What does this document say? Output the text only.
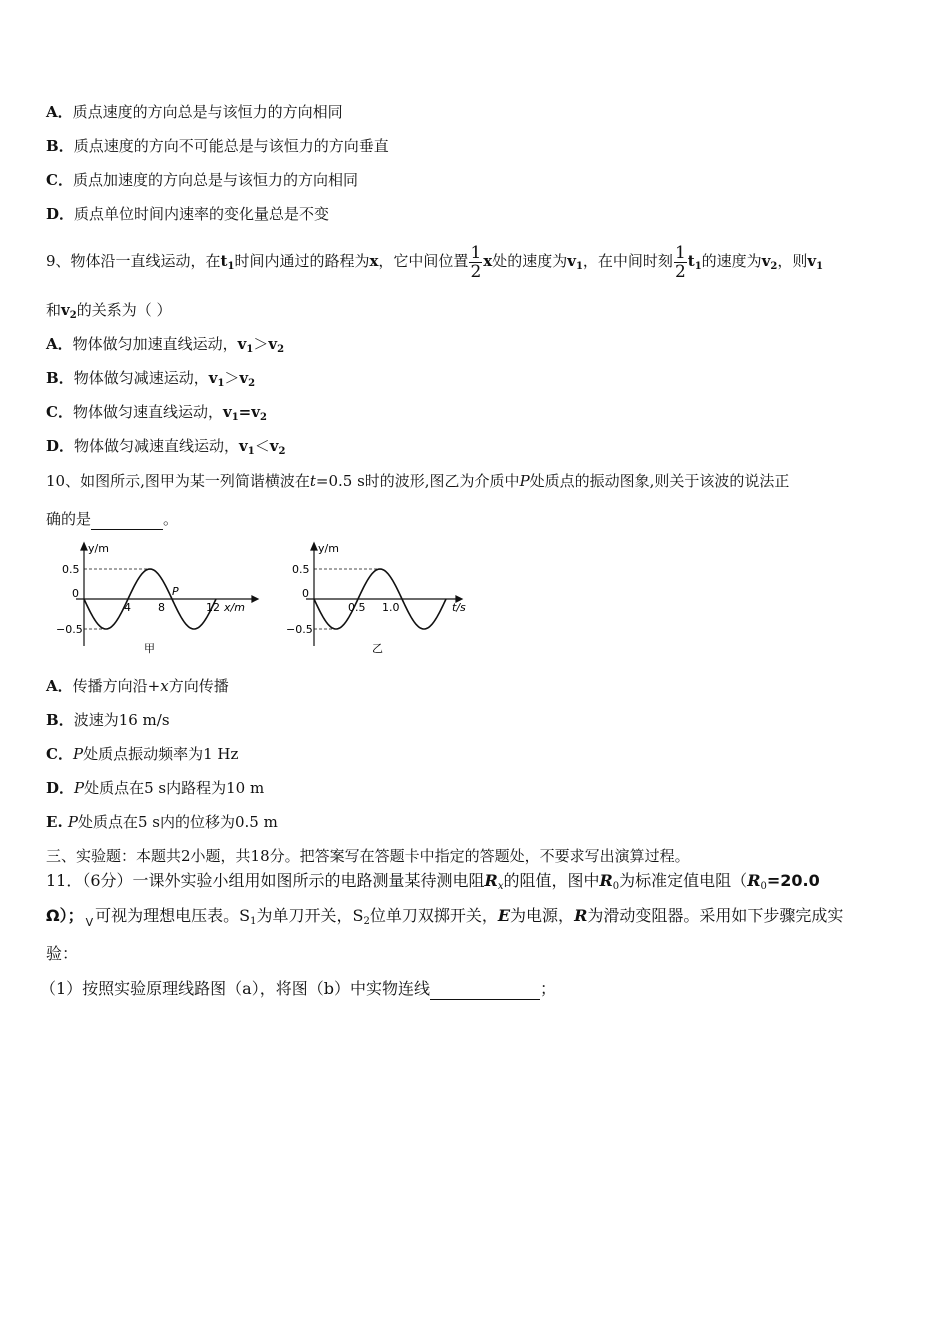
A．质点速度的方向总是与该恒力的方向相同
B．质点速度的方向不可能总是与该恒力的方向垂直
C．质点加速度的方向总是与该恒力的方向相同
D．质点单位时间内速率的变化量总是不变
9、物体沿一直线运动，在$t_1$时间内通过的路程为x，它中间位置 $\frac{1}{2}$ x处的速度为$v_1$，在中间时刻 $\frac{1}{2} t_1$的速度为$v_2$，则$v_1$
和$v_2$的关系为（ ）
A．物体做匀加速直线运动，$v_1>v_2$
B．物体做匀减速运动，$v_1>v_2$
C．物体做匀速直线运动，$v_1=v_2$
D．物体做匀减速直线运动，$v_1<v_2$
10、如图所示,图甲为某一列简谐横波在t=0.5 s时的波形,图乙为介质中P处质点的振动图象,则关于该波的说法正
确的是	。
y/m
0.5
0
−0.5
4 8	12 x/m
P
甲
y/m
0.5
0
−0.5
0.5 1.0	t/s
乙
A．传播方向沿+x方向传播
B．波速为16 m/s
C．P处质点振动频率为1 Hz
D．P处质点在5 s内路程为10 m
E. P处质点在5 s内的位移为0.5 m
三、实验题：本题共2小题，共18分。把答案写在答题卡中指定的答题处，不要求写出演算过程。
11．（6分）一课外实验小组用如图所示的电路测量某待测电阻$R_x$的阻值，图中$R_0$为标准定值电阻（$R_0=20.0$
Ω）； $_V$ 可视为理想电压表。$S_1$为单刀开关，$S_2$位单刀双掷开关，E为电源，R为滑动变阻器。采用如下步骤完成实
验：
（1）按照实验原理线路图（a），将图（b）中实物连线	；
